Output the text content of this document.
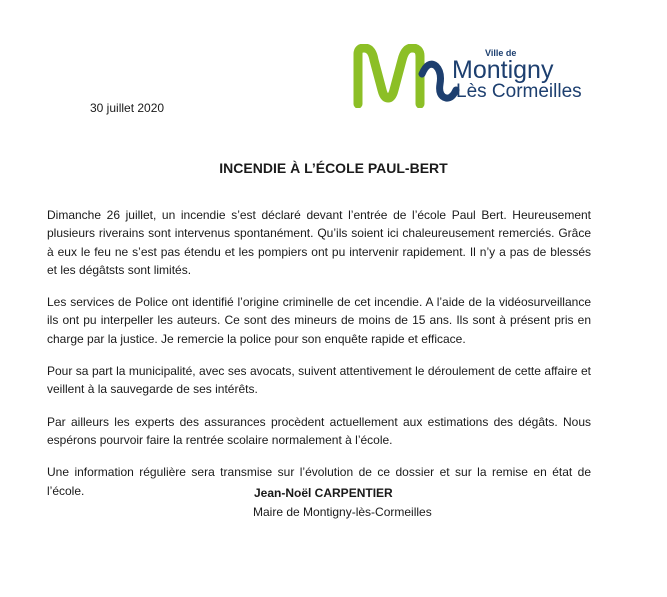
Ville de
Montigny
Lès Cormeilles
30 juillet 2020
INCENDIE À L’ÉCOLE PAUL-BERT

Dimanche 26 juillet, un incendie s’est déclaré devant l’entrée de l’école Paul Bert. Heureusement plusieurs riverains sont intervenus spontanément. Qu’ils soient ici chaleureusement remerciés. Grâce à eux le feu ne s’est pas étendu et les pompiers ont pu intervenir rapidement. Il n’y a pas de blessés et les dégâtsts sont limités.

Les services de Police ont identifié l’origine criminelle de cet incendie. A l’aide de la vidéosurveillance ils ont pu interpeller les auteurs. Ce sont des mineurs de moins de 15 ans. Ils sont à présent pris en charge par la justice. Je remercie la police pour son enquête rapide et efficace.

Pour sa part la municipalité, avec ses avocats, suivent attentivement le déroulement de cette affaire et veillent à la sauvegarde de ses intérêts.

Par ailleurs les experts des assurances procèdent actuellement aux estimations des dégâts. Nous espérons pourvoir faire la rentrée scolaire normalement à l’école.

Une information régulière sera transmise sur l’évolution de ce dossier et sur la remise en état de l’école.	Jean-Noël CARPENTIER
Maire de Montigny-lès-Cormeilles
